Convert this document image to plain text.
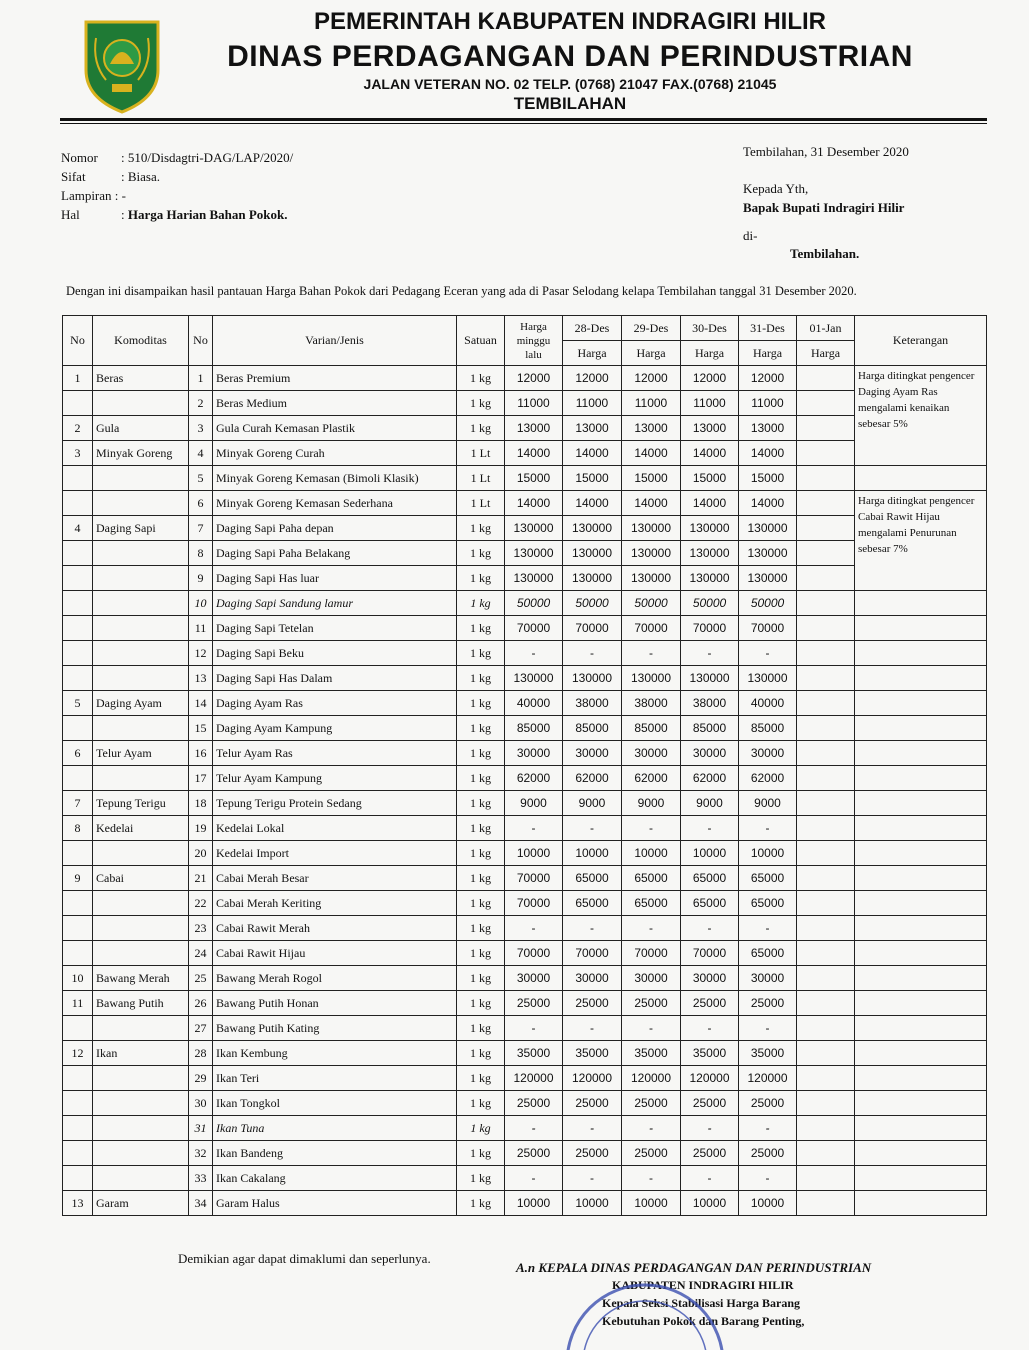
PEMERINTAH KABUPATEN INDRAGIRI HILIR
DINAS PERDAGANGAN DAN PERINDUSTRIAN
JALAN VETERAN NO. 02 TELP. (0768) 21047 FAX.(0768) 21045
TEMBILAHAN
Nomor : 510/Disdagtri-DAG/LAP/2020/
Sifat	: Biasa.
Lampiran : -
Hal	: Harga Harian Bahan Pokok.
Tembilahan, 31 Desember 2020
Kepada Yth,
Bapak Bupati Indragiri Hilir
di-
Tembilahan.
Dengan ini disampaikan hasil pantauan Harga Bahan Pokok dari Pedagang Eceran yang ada di Pasar Selodang kelapa Tembilahan tanggal 31 Desember 2020.
No	Komoditas	No	Varian/Jenis	Satuan	Harga minggu lalu	28-Des	29-Des	30-Des	31-Des	01-Jan	Keterangan
						Harga	Harga	Harga	Harga	Harga	
1	Beras	1	Beras Premium	1 kg	12000	12000	12000	12000	12000		Harga ditingkat pengencer Daging Ayam Ras mengalami kenaikan sebesar 5%
		2	Beras Medium	1 kg	11000	11000	11000	11000	11000		
2	Gula	3	Gula Curah Kemasan Plastik	1 kg	13000	13000	13000	13000	13000		
3	Minyak Goreng	4	Minyak Goreng Curah	1 Lt	14000	14000	14000	14000	14000		
		5	Minyak Goreng Kemasan (Bimoli Klasik)	1 Lt	15000	15000	15000	15000	15000		
		6	Minyak Goreng Kemasan Sederhana	1 Lt	14000	14000	14000	14000	14000		Harga ditingkat pengencer Cabai Rawit Hijau mengalami Penurunan sebesar 7%
4	Daging Sapi	7	Daging Sapi Paha depan	1 kg	130000	130000	130000	130000	130000		
		8	Daging Sapi Paha Belakang	1 kg	130000	130000	130000	130000	130000		
		9	Daging Sapi Has luar	1 kg	130000	130000	130000	130000	130000		
		10	Daging Sapi Sandung lamur	1 kg	50000	50000	50000	50000	50000		
		11	Daging Sapi Tetelan	1 kg	70000	70000	70000	70000	70000		
		12	Daging Sapi Beku	1 kg	-	-	-	-	-		
		13	Daging Sapi Has Dalam	1 kg	130000	130000	130000	130000	130000		
5	Daging Ayam	14	Daging Ayam Ras	1 kg	40000	38000	38000	38000	40000		
		15	Daging Ayam Kampung	1 kg	85000	85000	85000	85000	85000		
6	Telur Ayam	16	Telur Ayam Ras	1 kg	30000	30000	30000	30000	30000		
		17	Telur Ayam Kampung	1 kg	62000	62000	62000	62000	62000		
7	Tepung Terigu	18	Tepung Terigu Protein Sedang	1 kg	9000	9000	9000	9000	9000		
8	Kedelai	19	Kedelai Lokal	1 kg	-	-	-	-	-		
		20	Kedelai Import	1 kg	10000	10000	10000	10000	10000		
9	Cabai	21	Cabai Merah Besar	1 kg	70000	65000	65000	65000	65000		
		22	Cabai Merah Keriting	1 kg	70000	65000	65000	65000	65000		
		23	Cabai Rawit Merah	1 kg	-	-	-	-	-		
		24	Cabai Rawit Hijau	1 kg	70000	70000	70000	70000	65000		
10	Bawang Merah	25	Bawang Merah Rogol	1 kg	30000	30000	30000	30000	30000		
11	Bawang Putih	26	Bawang Putih Honan	1 kg	25000	25000	25000	25000	25000		
		27	Bawang Putih Kating	1 kg	-	-	-	-	-		
12	Ikan	28	Ikan Kembung	1 kg	35000	35000	35000	35000	35000		
		29	Ikan Teri	1 kg	120000	120000	120000	120000	120000		
		30	Ikan Tongkol	1 kg	25000	25000	25000	25000	25000		
		31	Ikan Tuna	1 kg	-	-	-	-	-		
		32	Ikan Bandeng	1 kg	25000	25000	25000	25000	25000		
		33	Ikan Cakalang	1 kg	-	-	-	-	-		
13	Garam	34	Garam Halus	1 kg	10000	10000	10000	10000	10000		
Demikian agar dapat dimaklumi dan seperlunya.
A.n KEPALA DINAS PERDAGANGAN DAN PERINDUSTRIAN
KABUPATEN INDRAGIRI HILIR
Kepala Seksi Stabilisasi Harga Barang
Kebutuhan Pokok dan Barang Penting,
